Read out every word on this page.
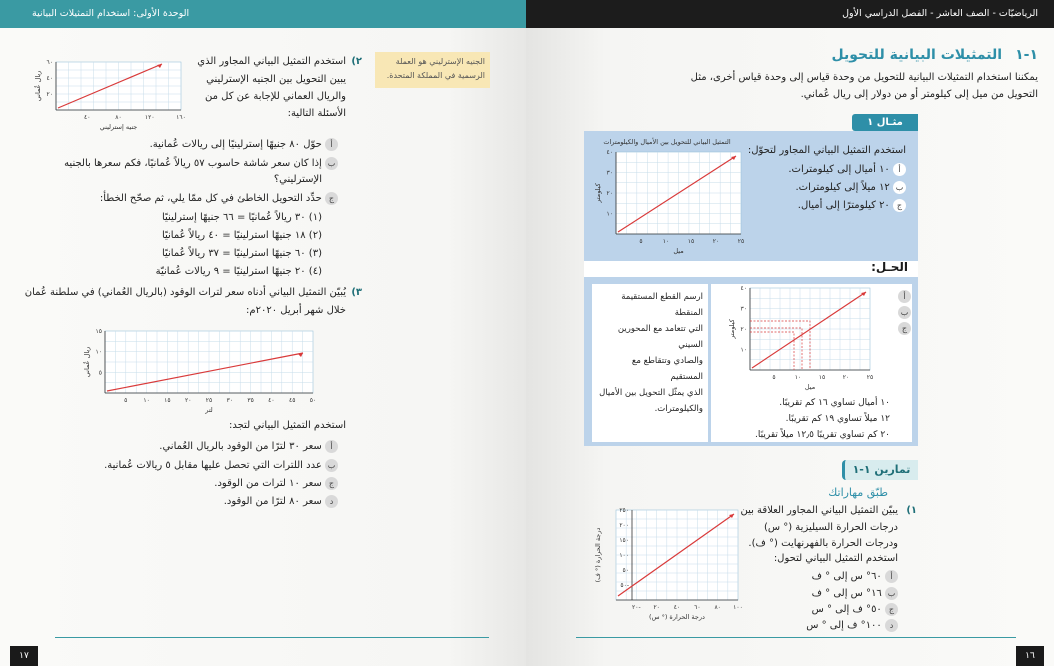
الوحدة الأولى: استخدام التمثيلات البيانية
١٧
الجنيه الإسترليني هو العملة
الرسمية في المملكة المتحدة.
٢)
استخدم التمثيل البياني المجاور الذي
يبين التحويل بين الجنيه الإسترليني
والريال العماني للإجابة عن كل من
الأسئلة التالية:
٤٠	٨٠	١٢٠	١٦٠
٢٠
٤٠
٦٠
ريال عُماني
جنيه إسترليني
أ حوّل ٨٠ جنيهًا إسترلينيًا إلى ريالات عُمانية.
ب إذا كان سعر شاشة حاسوب ٥٧ ريالاً عُمانيًا، فكم سعرها بالجنيه
الإسترليني؟
ج حدِّد التحويل الخاطئ في كل ممّا يلي، ثم صحّح الخطأ:
(١) ٣٠ ريالاً عُمانيًا = ٦٦ جنيهًا إسترلينيًا
(٢) ١٨ جنيهًا استرلينيًا = ٤٠ ريالاً عُمانيًا
(٣) ٦٠ جنيهًا استرلينيًا = ٣٧ ريالاً عُمانيًا
(٤) ٢٠ جنيهًا استرلينيًا = ٩ ريالات عُمانيّة
٣)
يُبيّن التمثيل البياني أدناه سعر لترات الوقود (بالريال العُماني) في سلطنة عُمان
خلال شهر أبريل ٢٠٢٠م:
٥	١٠ ١٥ ٢٠ ٢٥ ٣٠ ٣٥ ٤٠ ٤٥ ٥٠
٥
١٠
١٥
ريال عُماني
لتر
استخدم التمثيل البياني لتجد:
أ سعر ٣٠ لترًا من الوقود بالريال العُماني.
ب عدد اللترات التي تحصل عليها مقابل ٥ ريالات عُمانية.
ج سعر ١٠ لترات من الوقود.
د سعر ٨٠ لترًا من الوقود.
الرياضيّات - الصف العاشر - الفصل الدراسي الأول
١٦
١-١
التمثيلات البيانية للتحويل
يمكننا استخدام التمثيلات البيانية للتحويل من وحدة قياس إلى وحدة قياس أخرى، مثل
التحويل من ميل إلى كيلومتر أو من دولار إلى ريال عُماني.
مثـال ١
استخدم التمثيل البياني المجاور لتحوّل:
أ ١٠ أميال إلى كيلومترات.
ب ١٢ ميلاً إلى كيلومترات.
ج ٢٠ كيلومترًا إلى أميال.
التمثيل البياني للتحويل بين الأميال والكيلومترات
٥	١٠	١٥	٢٠	٢٥
١٠
٢٠
٣٠
٤٠
كيلومتر
ميل
الحـل:
ارسم القطع المستقيمة المنقطة
التي تتعامد مع المحورين السيني
والصادي وتتقاطع مع المستقيم
الذي يمثّل التحويل بين الأميال
والكيلومترات.
أ ب ج
٥	١٠	١٥	٢٠	٢٥
١٠
٢٠
٣٠
٤٠
كيلومتر
ميل
١٠ أميال تساوي ١٦ كم تقريبًا.
١٢ ميلاً تساوي ١٩ كم تقريبًا.
٢٠ كم تساوي تقريبًا ١٢٫٥ ميلاً تقريبًا.
تمارين ١-١
طبّق مهاراتك
١)
يبيّن التمثيل البياني المجاور العلاقة بين
درجات الحرارة السيليزية (° س)
ودرجات الحرارة بالفهرنهايت (° ف).
استخدم التمثيل البياني لتحول:
أ ٦٠° س إلى ° ف
ب ١٦° س إلى ° ف
ج ٥٠° ف إلى ° س
د ١٠٠° ف إلى ° س
٢٠- ٢٠ ٤٠ ٦٠ ٨٠ ١٠٠
٥٠-
٥٠
١٠٠
١٥٠
٢٠٠
٢٥٠
درجة الحرارة (° ف)
درجة الحرارة (° س)
